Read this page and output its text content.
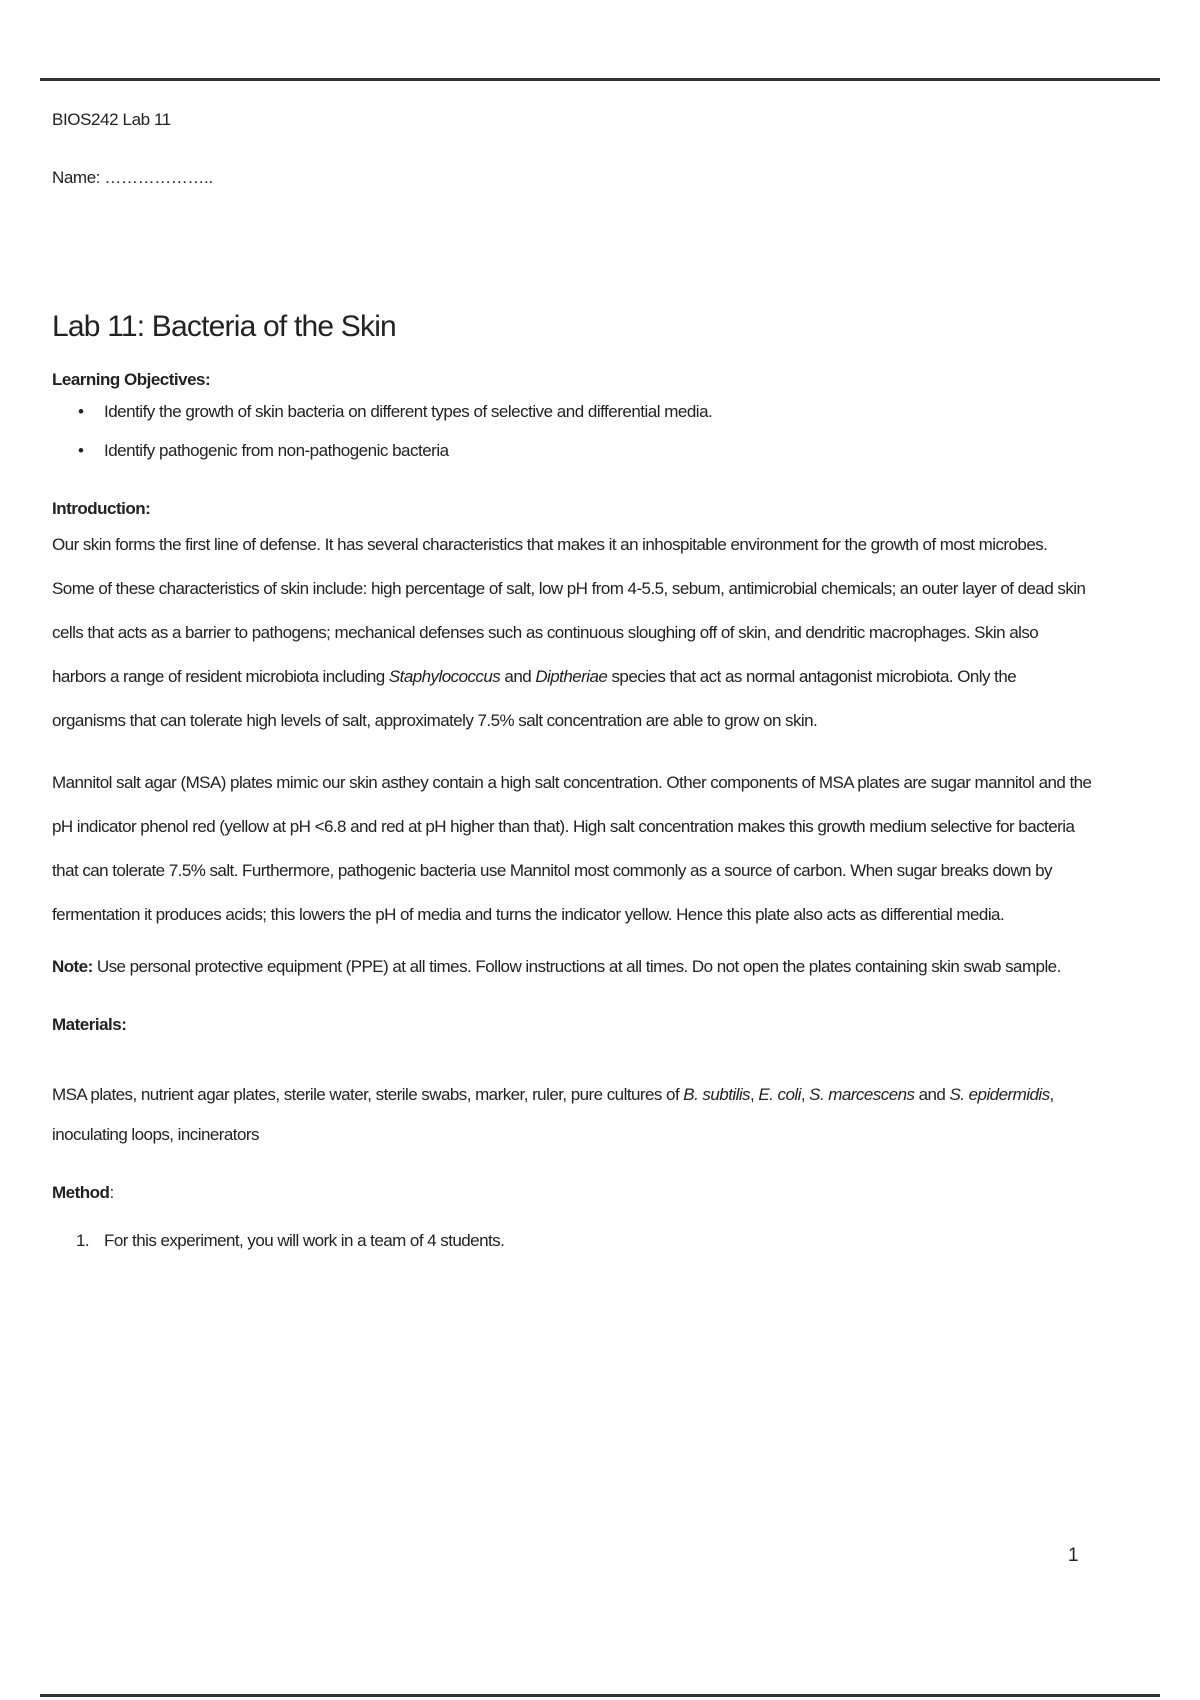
BIOS242 Lab 11
Name: ………………..
Lab 11: Bacteria of the Skin
Learning Objectives:
•	Identify the growth of skin bacteria on different types of selective and differential media.
•	Identify pathogenic from non-pathogenic bacteria
Introduction:

Our skin forms the first line of defense. It has several characteristics that makes it an inhospitable environment for the growth of most microbes. Some of these characteristics of skin include: high percentage of salt, low pH from 4-5.5, sebum, antimicrobial chemicals; an outer layer of dead skin cells that acts as a barrier to pathogens; mechanical defenses such as continuous sloughing off of skin, and dendritic macrophages. Skin also harbors a range of resident microbiota including Staphylococcus and Diptheriae species that act as normal antagonist microbiota. Only the organisms that can tolerate high levels of salt, approximately 7.5% salt concentration are able to grow on skin.

Mannitol salt agar (MSA) plates mimic our skin asthey contain a high salt concentration. Other components of MSA plates are sugar mannitol and the pH indicator phenol red (yellow at pH <6.8 and red at pH higher than that). High salt concentration makes this growth medium selective for bacteria that can tolerate 7.5% salt. Furthermore, pathogenic bacteria use Mannitol most commonly as a source of carbon. When sugar breaks down by fermentation it produces acids; this lowers the pH of media and turns the indicator yellow. Hence this plate also acts as differential media.

Note: Use personal protective equipment (PPE) at all times. Follow instructions at all times. Do not open the plates containing skin swab sample.
Materials:

MSA plates, nutrient agar plates, sterile water, sterile swabs, marker, ruler, pure cultures of B. subtilis, E. coli, S. marcescens and S. epidermidis, inoculating loops, incinerators

Method:
1. For this experiment, you will work in a team of 4 students.
1
